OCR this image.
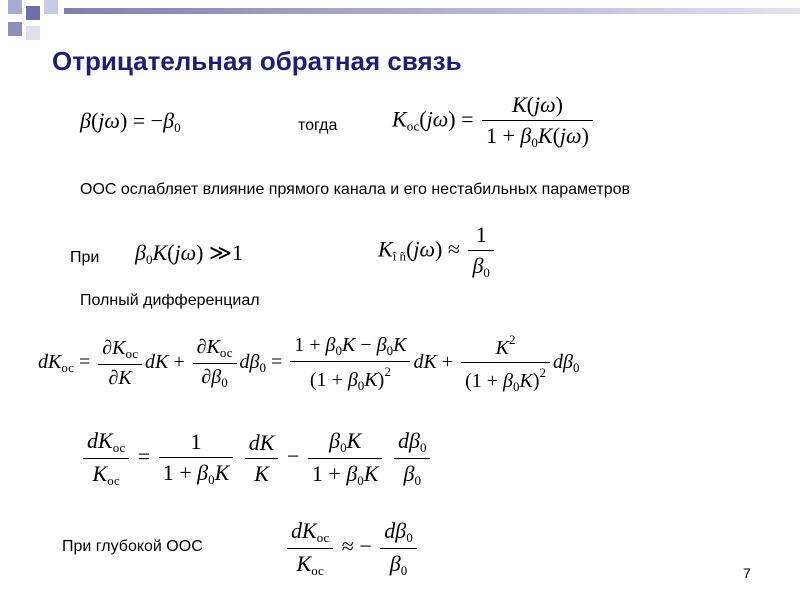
Отрицательная обратная связь
$\beta(j\omega) = -\beta_0$	тогда $K_{ос}(j\omega) = \frac{K(j\omega)}{1 + \beta_0K(j\omega)}$
ООС ослабляет влияние прямого канала и его нестабильных параметров
При $\beta_0K(j\omega)$ ≫1	$K_{î ñ}(j\omega) \approx \frac{1}{\beta_0}$
Полный дифференциал
$dK_{ос} = \frac{\partial K_{ос}}{\partial K}$ dK + $\frac{\partial K_{ос}}{\partial\beta_0} d\beta_0 = \frac{1 + \beta_0K - \beta_0K}{(1 + \beta_0K)^2}$ dK + $\frac{K^2}{(1 + \beta_0K)^2} d\beta_0$
$\frac{dK_{ос}}{K_{ос}} = \frac{1}{1 + \beta_0K}$
$\frac{dK}{K} - \frac{\beta_0K}{1 + \beta_0K}$
$\frac{d\beta_0}{\beta_0}$
При глубокой ООС	$\frac{dK_{ос}}{K_{ос}}$ ≈ − $\frac{d\beta_0}{\beta_0}$	7
